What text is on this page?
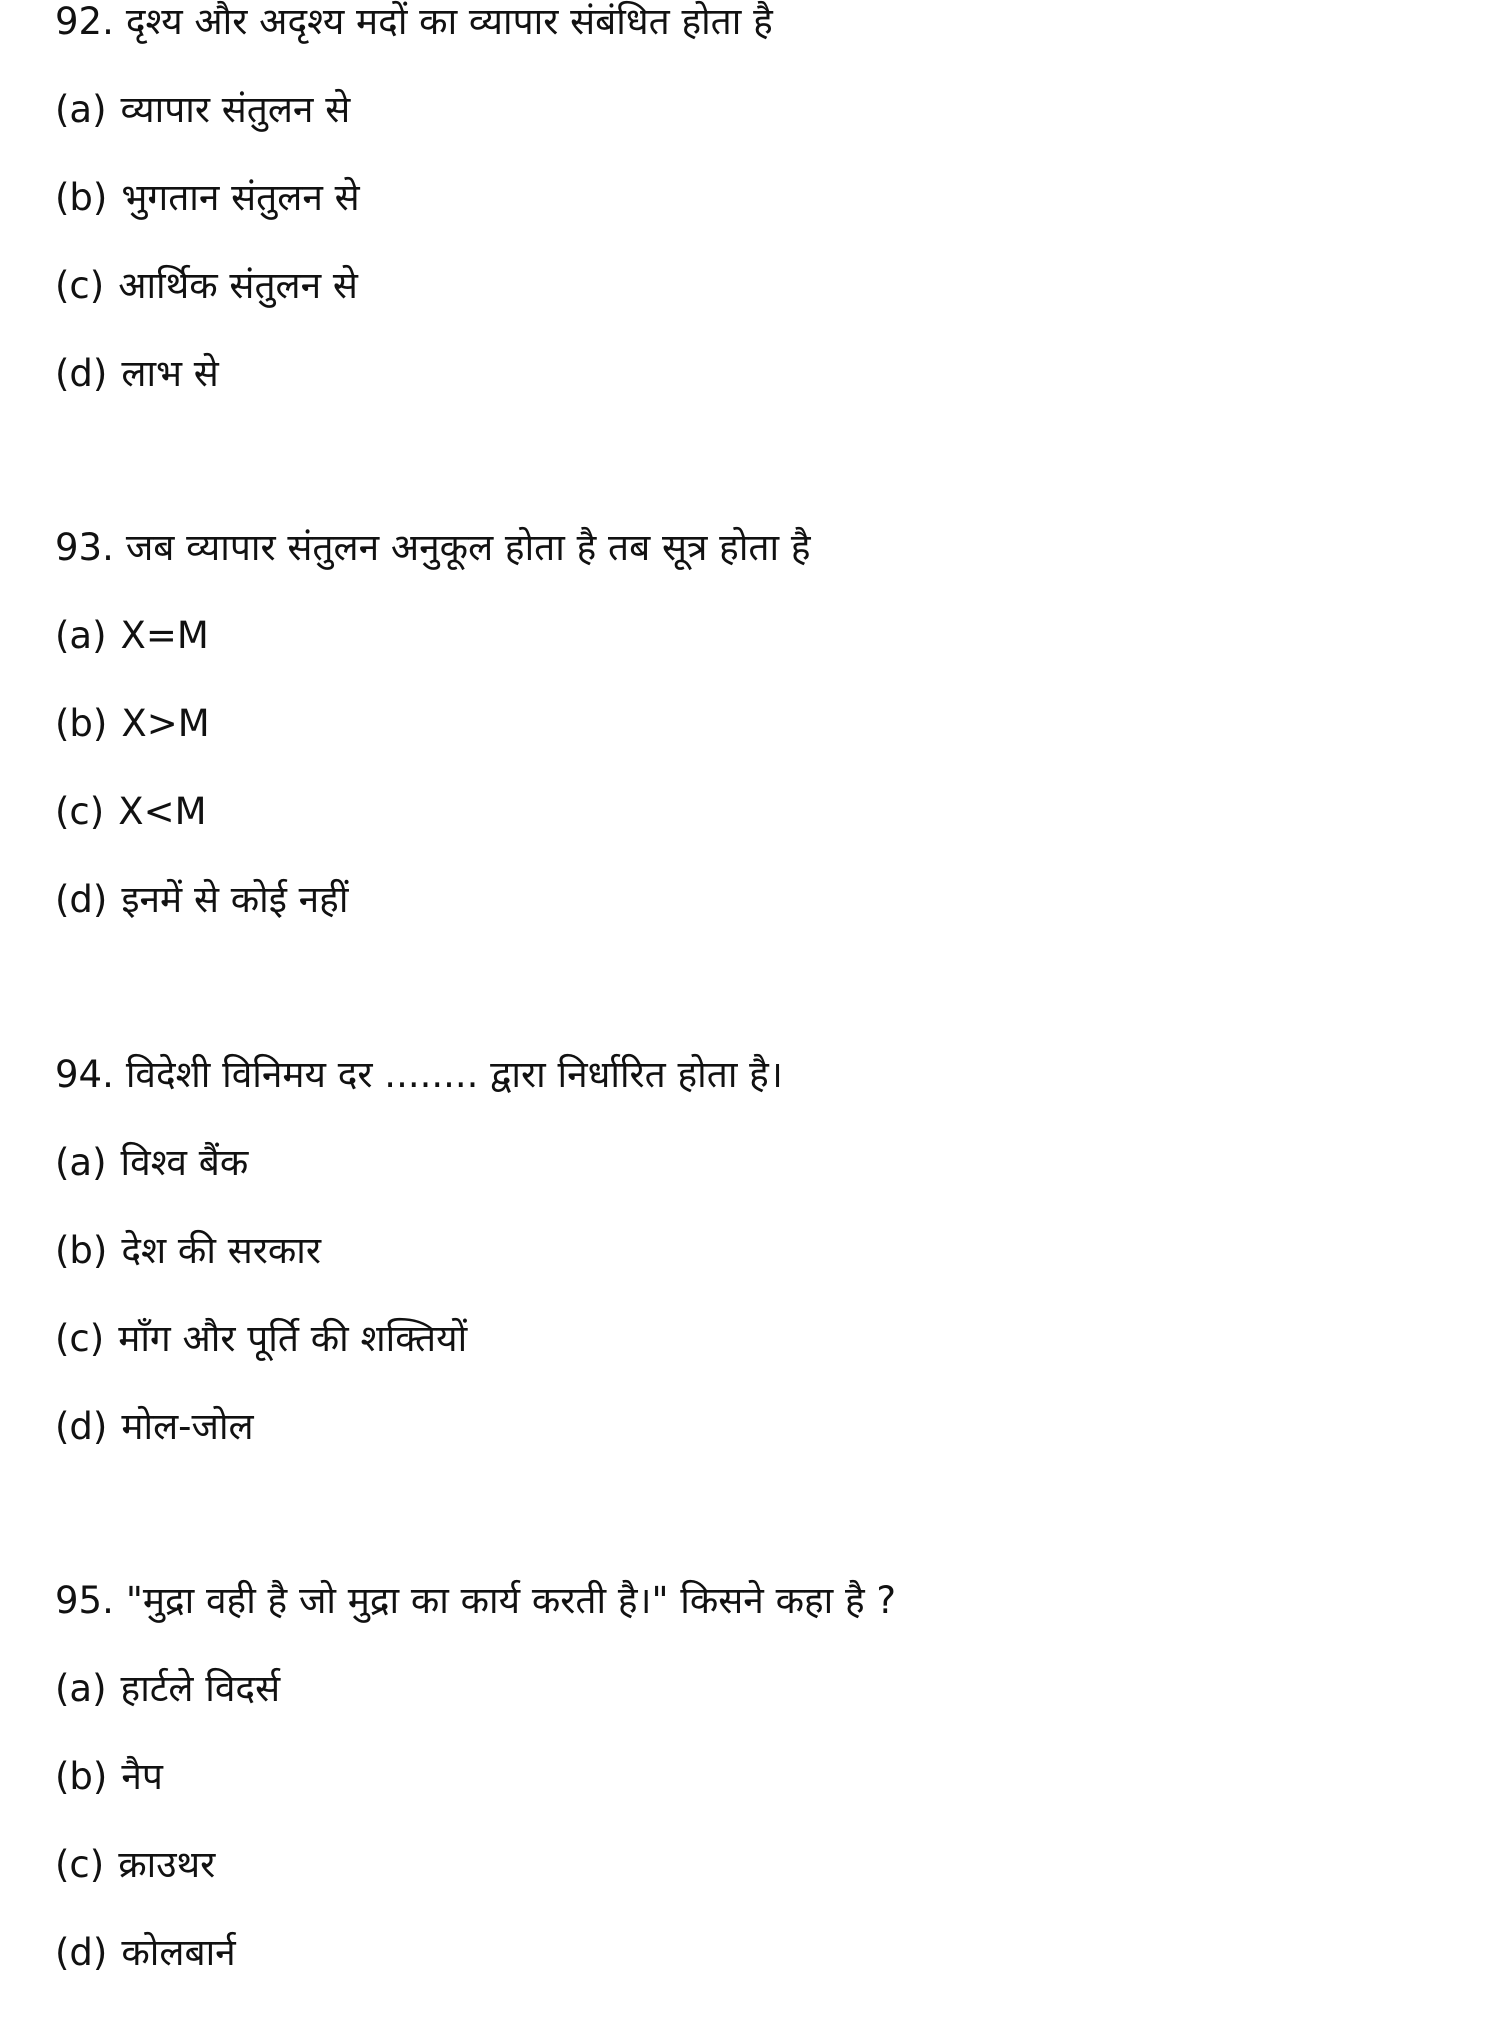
92. दृश्य और अदृश्य मदों का व्यापार संबंधित होता है
(a) व्यापार संतुलन से
(b) भुगतान संतुलन से
(c) आर्थिक संतुलन से
(d) लाभ से
93. जब व्यापार संतुलन अनुकूल होता है तब सूत्र होता है
(a) X=M
(b) X>M
(c) X<M
(d) इनमें से कोई नहीं
94. विदेशी विनिमय दर ........ द्वारा निर्धारित होता है।
(a) विश्व बैंक
(b) देश की सरकार
(c) माँग और पूर्ति की शक्तियों
(d) मोल-जोल
95. "मुद्रा वही है जो मुद्रा का कार्य करती है।" किसने कहा है ?
(a) हार्टले विदर्स
(b) नैप
(c) क्राउथर
(d) कोलबार्न
